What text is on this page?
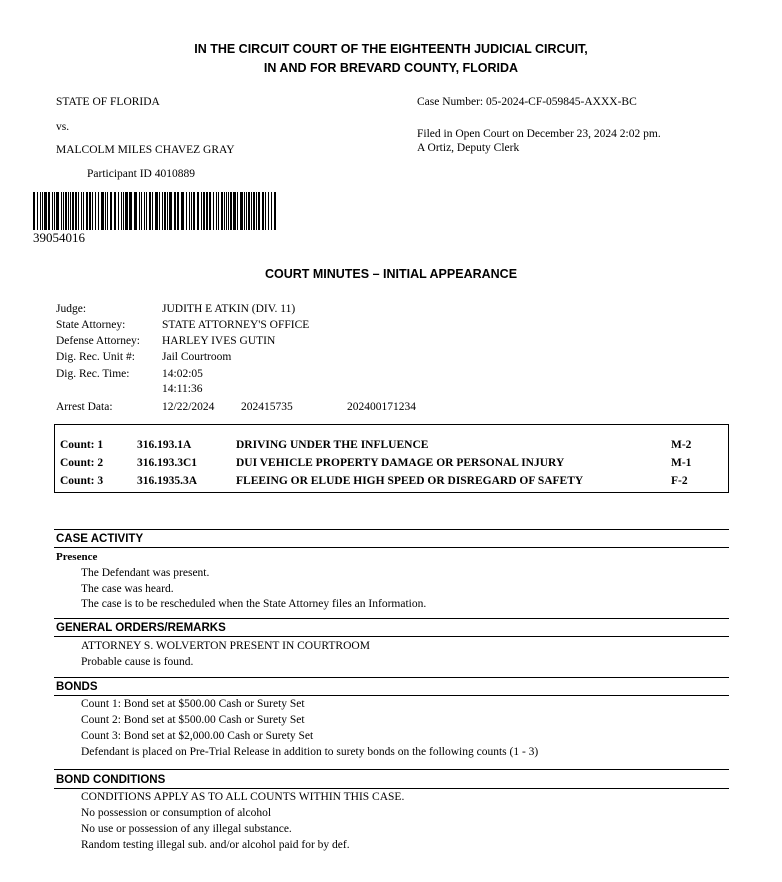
IN THE CIRCUIT COURT OF THE EIGHTEENTH JUDICIAL CIRCUIT,
IN AND FOR BREVARD COUNTY, FLORIDA
STATE OF FLORIDA
vs.
MALCOLM MILES CHAVEZ GRAY
Participant ID 4010889
Case Number: 05-2024-CF-059845-AXXX-BC
Filed in Open Court on December 23, 2024 2:02 pm.
A Ortiz, Deputy Clerk
39054016
COURT MINUTES – INITIAL APPEARANCE
Judge:	JUDITH E ATKIN (DIV. 11)
State Attorney:	STATE ATTORNEY'S OFFICE
Defense Attorney: HARLEY IVES GUTIN
Dig. Rec. Unit #: Jail Courtroom
Dig. Rec. Time:	14:02:05
14:11:36
Arrest Data:	12/22/2024 202415735	202400171234
Count: 1	316.193.1A	DRIVING UNDER THE INFLUENCE	M-2
Count: 2	316.193.3C1	DUI VEHICLE PROPERTY DAMAGE OR PERSONAL INJURY	M-1
Count: 3	316.1935.3A	FLEEING OR ELUDE HIGH SPEED OR DISREGARD OF SAFETY	F-2
CASE ACTIVITY
Presence
The Defendant was present.
The case was heard.
The case is to be rescheduled when the State Attorney files an Information.
GENERAL ORDERS/REMARKS
ATTORNEY S. WOLVERTON PRESENT IN COURTROOM
Probable cause is found.
BONDS
Count 1: Bond set at $500.00 Cash or Surety Set
Count 2: Bond set at $500.00 Cash or Surety Set
Count 3: Bond set at $2,000.00 Cash or Surety Set
Defendant is placed on Pre-Trial Release in addition to surety bonds on the following counts (1 - 3)
BOND CONDITIONS
CONDITIONS APPLY AS TO ALL COUNTS WITHIN THIS CASE.
No possession or consumption of alcohol
No use or possession of any illegal substance.
Random testing illegal sub. and/or alcohol paid for by def.
